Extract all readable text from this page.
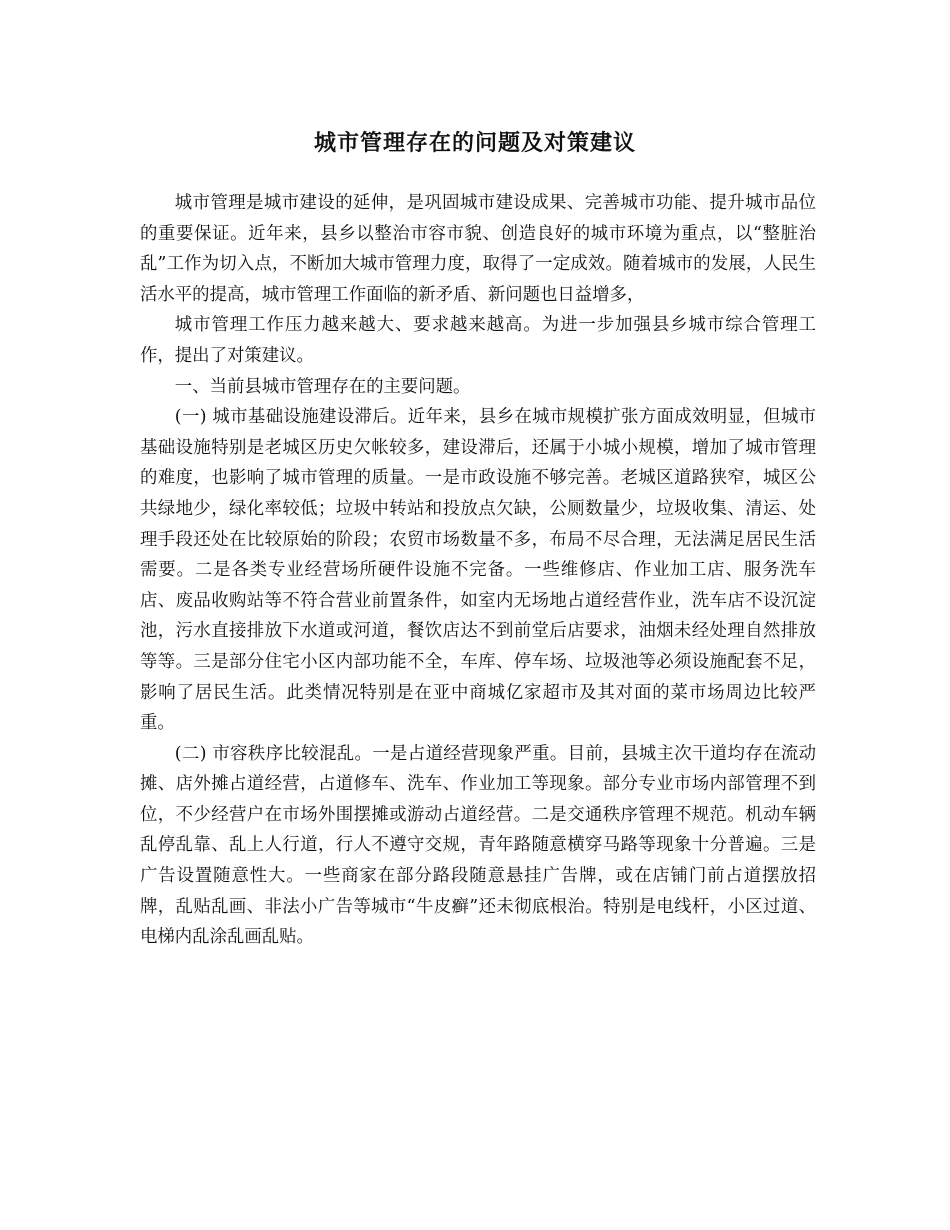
城市管理存在的问题及对策建议

城市管理是城市建设的延伸，是巩固城市建设成果、完善城市功能、提升城市品位的重要保证。近年来，县乡以整治市容市貌、创造良好的城市环境为重点，以“整脏治乱”工作为切入点，不断加大城市管理力度，取得了一定成效。随着城市的发展，人民生活水平的提高，城市管理工作面临的新矛盾、新问题也日益增多，

城市管理工作压力越来越大、要求越来越高。为进一步加强县乡城市综合管理工作，提出了对策建议。

一、当前县城市管理存在的主要问题。

(一) 城市基础设施建设滞后。近年来，县乡在城市规模扩张方面成效明显，但城市基础设施特别是老城区历史欠帐较多，建设滞后，还属于小城小规模，增加了城市管理的难度，也影响了城市管理的质量。一是市政设施不够完善。老城区道路狭窄，城区公共绿地少，绿化率较低；垃圾中转站和投放点欠缺，公厕数量少，垃圾收集、清运、处理手段还处在比较原始的阶段；农贸市场数量不多，布局不尽合理，无法满足居民生活需要。二是各类专业经营场所硬件设施不完备。一些维修店、作业加工店、服务洗车店、废品收购站等不符合营业前置条件，如室内无场地占道经营作业，洗车店不设沉淀池，污水直接排放下水道或河道，餐饮店达不到前堂后店要求，油烟未经处理自然排放等等。三是部分住宅小区内部功能不全，车库、停车场、垃圾池等必须设施配套不足，影响了居民生活。此类情况特别是在亚中商城亿家超市及其对面的菜市场周边比较严重。

(二) 市容秩序比较混乱。一是占道经营现象严重。目前，县城主次干道均存在流动摊、店外摊占道经营，占道修车、洗车、作业加工等现象。部分专业市场内部管理不到位，不少经营户在市场外围摆摊或游动占道经营。二是交通秩序管理不规范。机动车辆乱停乱靠、乱上人行道，行人不遵守交规，青年路随意横穿马路等现象十分普遍。三是广告设置随意性大。一些商家在部分路段随意悬挂广告牌，或在店铺门前占道摆放招牌，乱贴乱画、非法小广告等城市“牛皮癣”还未彻底根治。特别是电线杆，小区过道、电梯内乱涂乱画乱贴。
